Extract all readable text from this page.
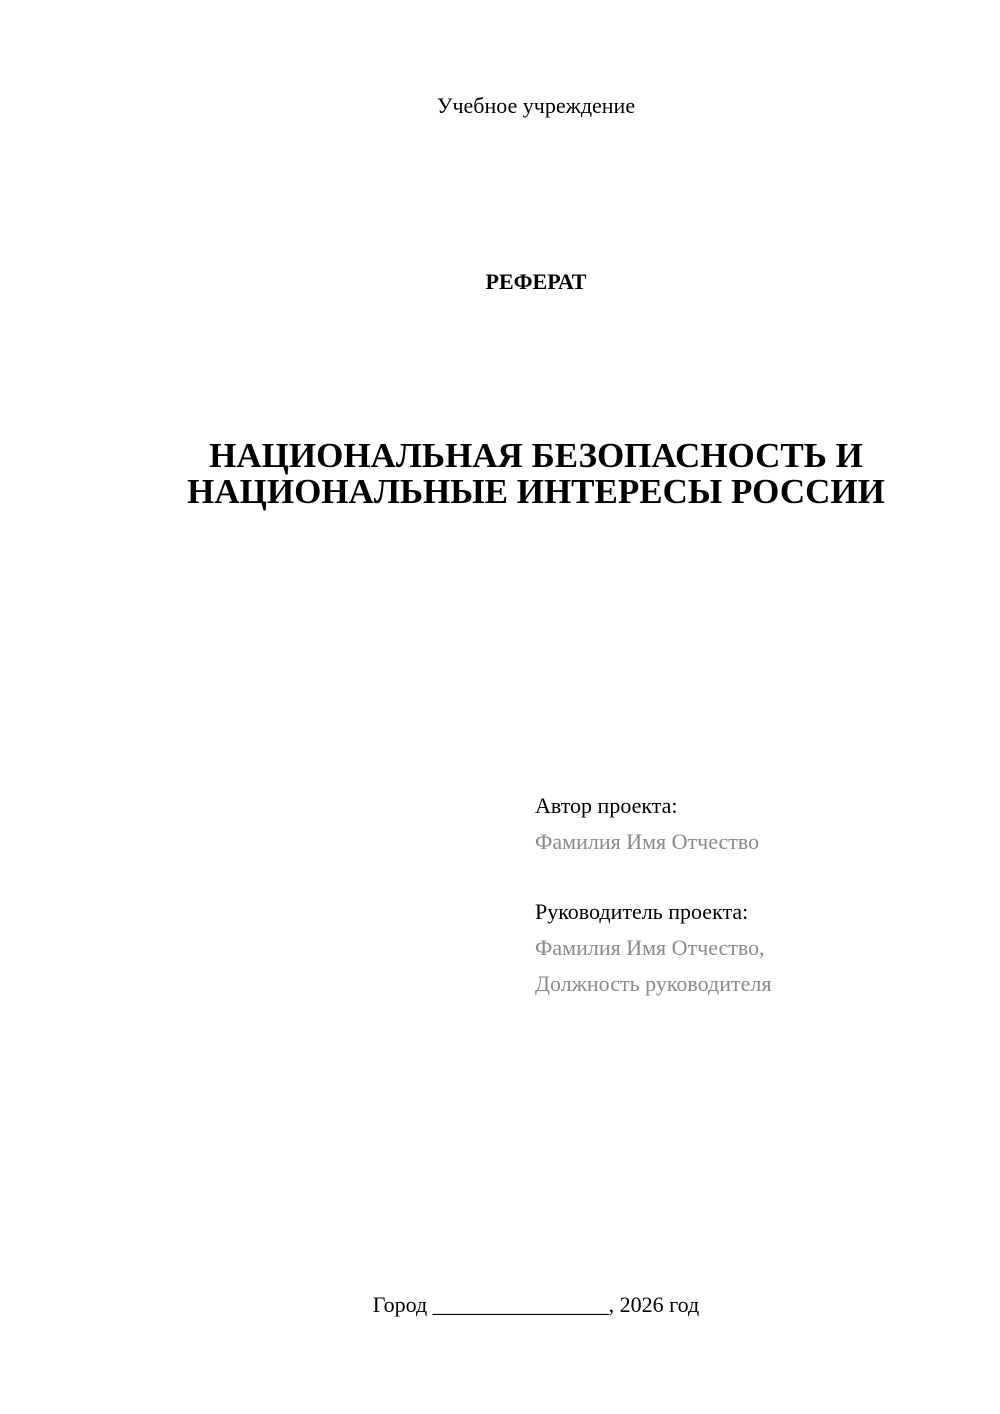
Учебное учреждение
РЕФЕРАТ
НАЦИОНАЛЬНАЯ БЕЗОПАСНОСТЬ И
НАЦИОНАЛЬНЫЕ ИНТЕРЕСЫ РОССИИ
Автор проекта:
Фамилия Имя Отчество
Руководитель проекта:
Фамилия Имя Отчество,
Должность руководителя
Город ________________, 2026 год
